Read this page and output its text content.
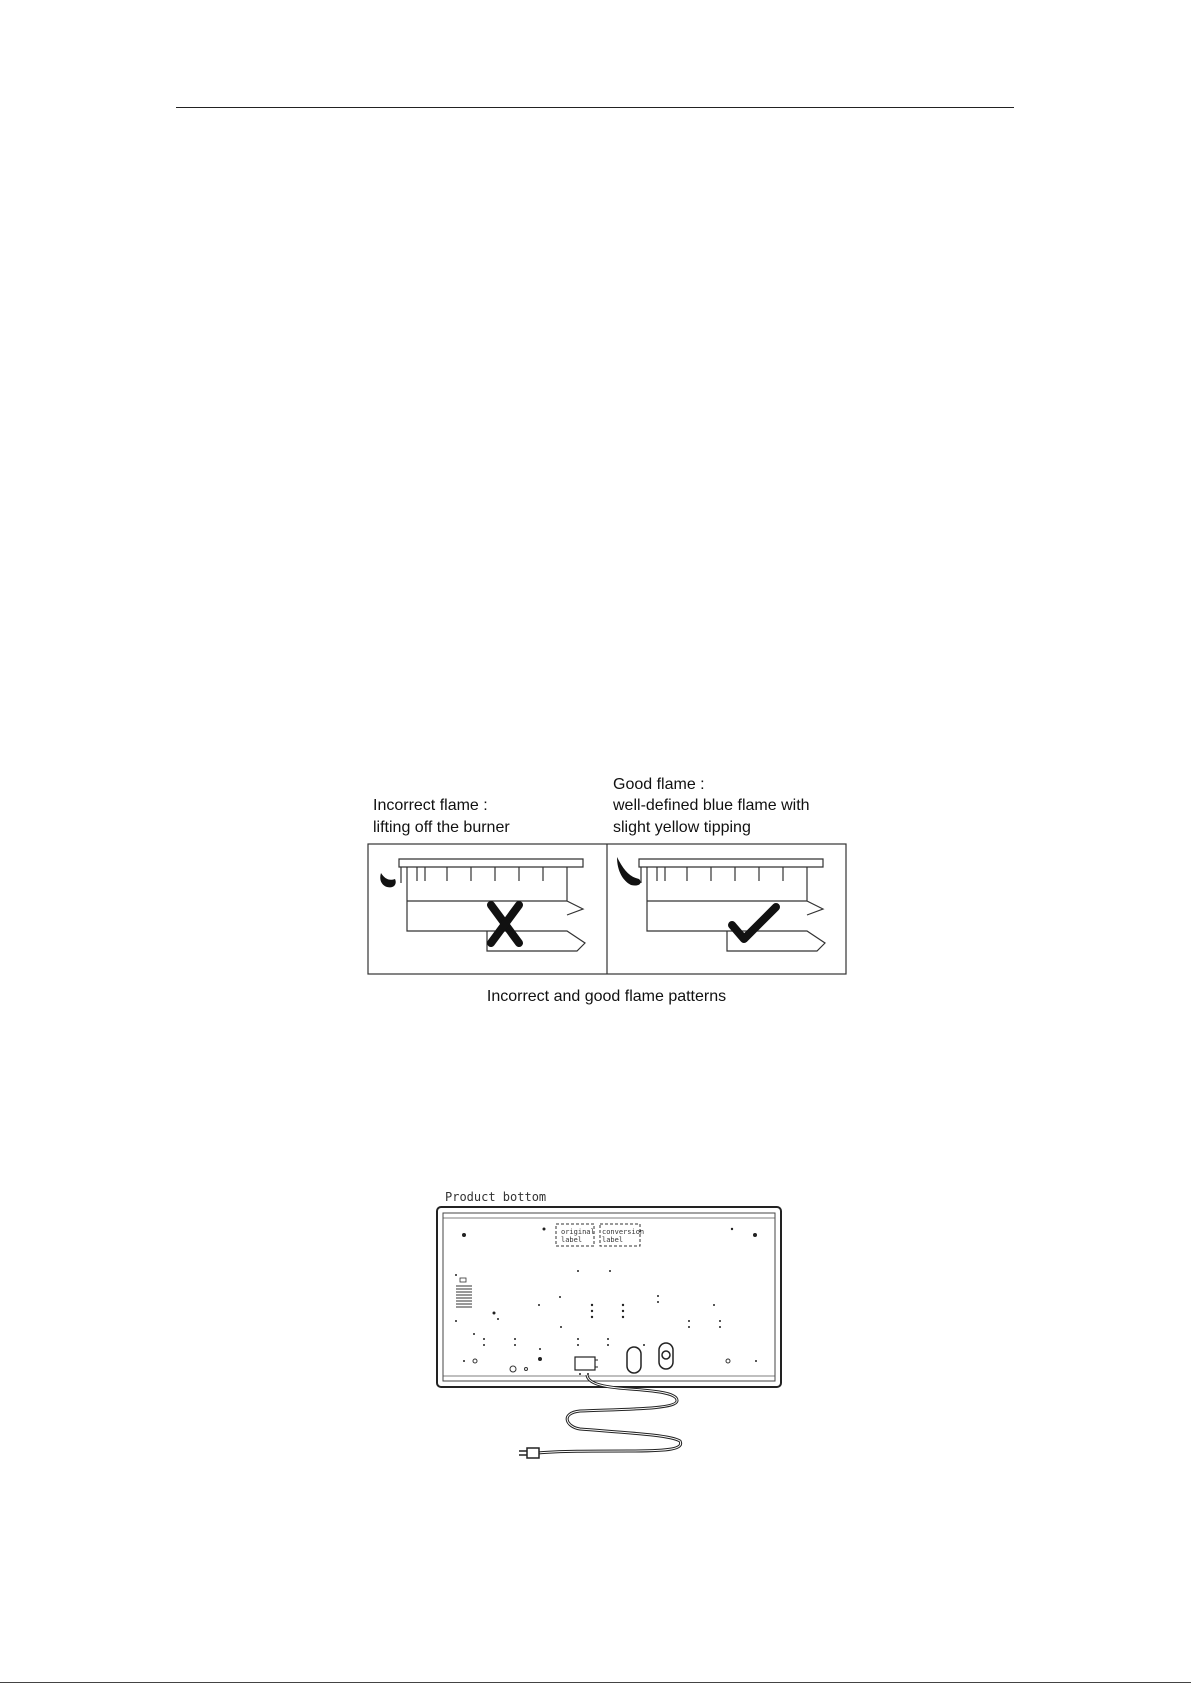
Incorrect flame :
lifting off the burner
Good flame :
well-defined blue flame with
slight yellow tipping
Incorrect and good flame patterns
Product bottom
original
label
conversion
label
